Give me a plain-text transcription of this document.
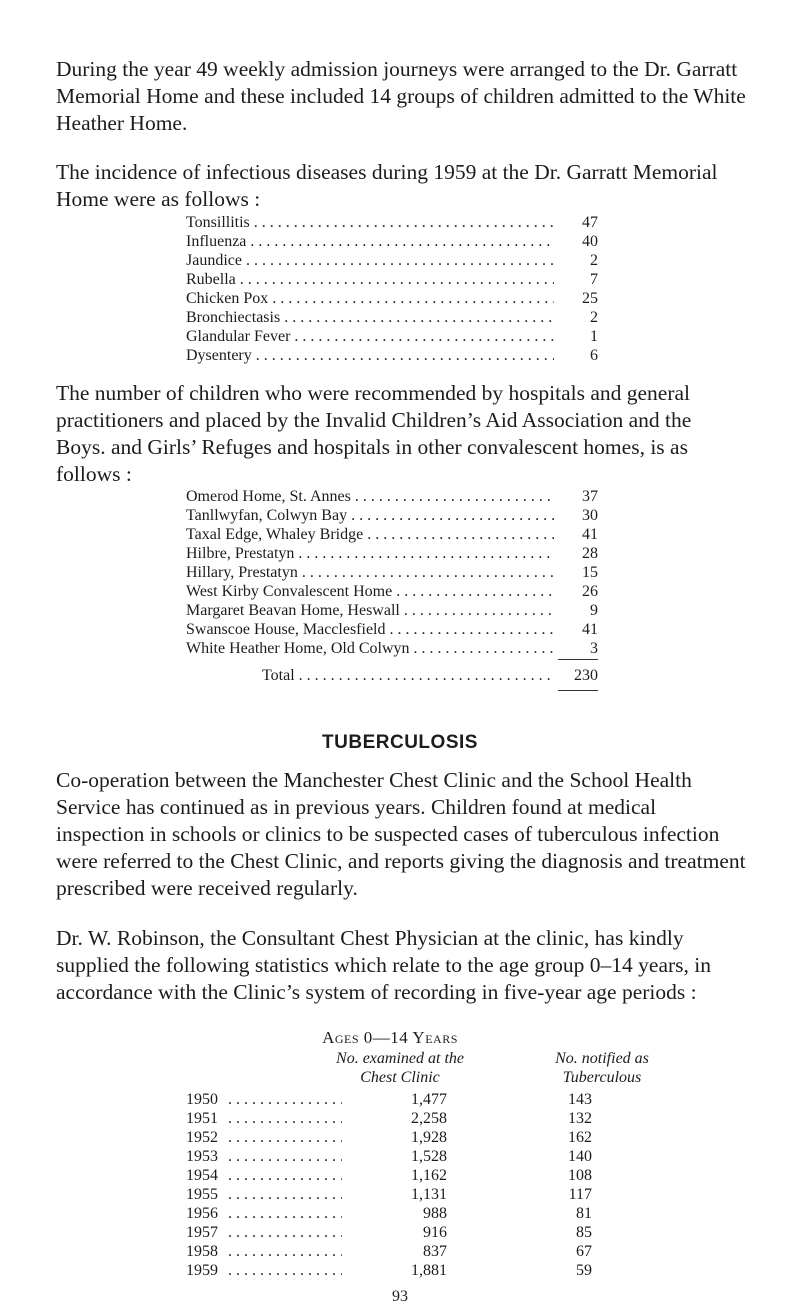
During the year 49 weekly admission journeys were arranged to the Dr. Garratt Memorial Home and these included 14 groups of children admitted to the White Heather Home.

The incidence of infectious diseases during 1959 at the Dr. Garratt Memorial Home were as follows :

Tonsillitis . . .	47
Influenza . . .	40
Jaundice . . .	2
Rubella . . .	7
Chicken Pox . . .	25
Bronchiectasis . . .	2
Glandular Fever . . .	1
Dysentery . . .	6

The number of children who were recommended by hospitals and general practitioners and placed by the Invalid Children’s Aid Association and the Boys. and Girls’ Refuges and hospitals in other convalescent homes, is as follows :

Omerod Home, St. Annes . . .	37
Tanllwyfan, Colwyn Bay . . .	30
Taxal Edge, Whaley Bridge . . .	41
Hilbre, Prestatyn . . .	28
Hillary, Prestatyn . . .	15
West Kirby Convalescent Home . . .	26
Margaret Beavan Home, Heswall . . .	9
Swanscoe House, Macclesfield . . .	41
White Heather Home, Old Colwyn . . .	3
Total . . .	230
TUBERCULOSIS

Co-operation between the Manchester Chest Clinic and the School Health Service has continued as in previous years. Children found at medical inspection in schools or clinics to be suspected cases of tuberculous infection were referred to the Chest Clinic, and reports giving the diagnosis and treatment prescribed were received regularly.

Dr. W. Robinson, the Consultant Chest Physician at the clinic, has kindly supplied the following statistics which relate to the age group 0–14 years, in accordance with the Clinic’s system of recording in five-year age periods :

Ages 0—14 Years
No. examined at the
Chest Clinic
No. notified as
Tuberculous
1950 . . .	1,477	143
1951 . . .	2,258	132
1952 . . .	1,928	162
1953 . . .	1,528	140
1954 . . .	1,162	108
1955 . . .	1,131	117
1956 . . .	988	81
1957 . . .	916	85
1958 . . .	837	67
1959 . . .	1,881	59
93
